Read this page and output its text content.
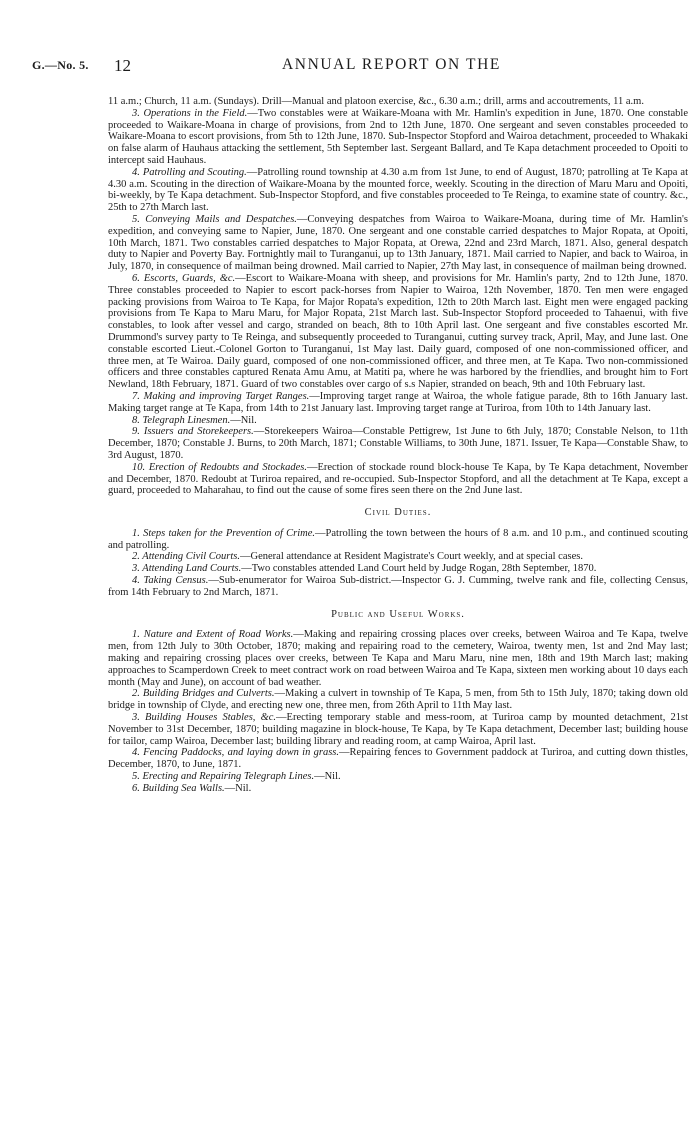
G.—No. 5. 12	ANNUAL REPORT ON THE

11 a.m.; Church, 11 a.m. (Sundays). Drill—Manual and platoon exercise, &c., 6.30 a.m.; drill, arms and accoutrements, 11 a.m.

3. Operations in the Field.—Two constables were at Waikare-Moana with Mr. Hamlin's expedition in June, 1870. One constable proceeded to Waikare-Moana in charge of provisions, from 2nd to 12th June, 1870. One sergeant and seven constables proceeded to Waikare-Moana to escort provisions, from 5th to 12th June, 1870. Sub-Inspector Stopford and Wairoa detachment, proceeded to Whakaki on false alarm of Hauhaus attacking the settlement, 5th September last. Sergeant Ballard, and Te Kapa detachment proceeded to Opoiti to intercept said Hauhaus.

4. Patrolling and Scouting.—Patrolling round township at 4.30 a.m from 1st June, to end of August, 1870; patrolling at Te Kapa at 4.30 a.m. Scouting in the direction of Waikare-Moana by the mounted force, weekly. Scouting in the direction of Maru Maru and Opoiti, bi-weekly, by Te Kapa detachment. Sub-Inspector Stopford, and five constables proceeded to Te Reinga, to examine state of country. &c., 25th to 27th March last.

5. Conveying Mails and Despatches.—Conveying despatches from Wairoa to Waikare-Moana, during time of Mr. Hamlin's expedition, and conveying same to Napier, June, 1870. One sergeant and one constable carried despatches to Major Ropata, at Opoiti, 10th March, 1871. Two constables carried despatches to Major Ropata, at Orewa, 22nd and 23rd March, 1871. Also, general despatch duty to Napier and Poverty Bay. Fortnightly mail to Turanganui, up to 13th January, 1871. Mail carried to Napier, and back to Wairoa, in July, 1870, in consequence of mailman being drowned. Mail carried to Napier, 27th May last, in consequence of mailman being drowned.

6. Escorts, Guards, &c.—Escort to Waikare-Moana with sheep, and provisions for Mr. Hamlin's party, 2nd to 12th June, 1870. Three constables proceeded to Napier to escort pack-horses from Napier to Wairoa, 12th November, 1870. Ten men were engaged packing provisions from Wairoa to Te Kapa, for Major Ropata's expedition, 12th to 20th March last. Eight men were engaged packing provisions from Te Kapa to Maru Maru, for Major Ropata, 21st March last. Sub-Inspector Stopford proceeded to Tahaenui, with five constables, to look after vessel and cargo, stranded on beach, 8th to 10th April last. One sergeant and five constables escorted Mr. Drummond's survey party to Te Reinga, and subsequently proceeded to Turanganui, cutting survey track, April, May, and June last. One constable escorted Lieut.-Colonel Gorton to Turanganui, 1st May last. Daily guard, composed of one non-commissioned officer, and three men, at Te Wairoa. Daily guard, composed of one non-commissioned officer, and three men, at Te Kapa. Two non-commissioned officers and three constables captured Renata Amu Amu, at Matiti pa, where he was harbored by the friendlies, and brought him to Fort Newland, 18th February, 1871. Guard of two constables over cargo of s.s Napier, stranded on beach, 9th and 10th February last.

7. Making and improving Target Ranges.—Improving target range at Wairoa, the whole fatigue parade, 8th to 16th January last. Making target range at Te Kapa, from 14th to 21st January last. Improving target range at Turiroa, from 10th to 14th January last.

8. Telegraph Linesmen.—Nil.

9. Issuers and Storekeepers.—Storekeepers Wairoa—Constable Pettigrew, 1st June to 6th July, 1870; Constable Nelson, to 11th December, 1870; Constable J. Burns, to 20th March, 1871; Constable Williams, to 30th June, 1871. Issuer, Te Kapa—Constable Shaw, to 3rd August, 1870.

10. Erection of Redoubts and Stockades.—Erection of stockade round block-house Te Kapa, by Te Kapa detachment, November and December, 1870. Redoubt at Turiroa repaired, and re-occupied. Sub-Inspector Stopford, and all the detachment at Te Kapa, except a guard, proceeded to Maharahau, to find out the cause of some fires seen there on the 2nd June last.

Civil Duties.

1. Steps taken for the Prevention of Crime.—Patrolling the town between the hours of 8 a.m. and 10 p.m., and continued scouting and patrolling.

2. Attending Civil Courts.—General attendance at Resident Magistrate's Court weekly, and at special cases.

3. Attending Land Courts.—Two constables attended Land Court held by Judge Rogan, 28th September, 1870.

4. Taking Census.—Sub-enumerator for Wairoa Sub-district.—Inspector G. J. Cumming, twelve rank and file, collecting Census, from 14th February to 2nd March, 1871.

Public and Useful Works.

1. Nature and Extent of Road Works.—Making and repairing crossing places over creeks, between Wairoa and Te Kapa, twelve men, from 12th July to 30th October, 1870; making and repairing road to the cemetery, Wairoa, twenty men, 1st and 2nd May last; making and repairing crossing places over creeks, between Te Kapa and Maru Maru, nine men, 18th and 19th March last; making approaches to Scamperdown Creek to meet contract work on road between Wairoa and Te Kapa, sixteen men working about 10 days each month (May and June), on account of bad weather.

2. Building Bridges and Culverts.—Making a culvert in township of Te Kapa, 5 men, from 5th to 15th July, 1870; taking down old bridge in township of Clyde, and erecting new one, three men, from 26th April to 11th May last.

3. Building Houses Stables, &c.—Erecting temporary stable and mess-room, at Turiroa camp by mounted detachment, 21st November to 31st December, 1870; building magazine in block-house, Te Kapa, by Te Kapa detachment, December last; building house for tailor, camp Wairoa, December last; building library and reading room, at camp Wairoa, April last.

4. Fencing Paddocks, and laying down in grass.—Repairing fences to Government paddock at Turiroa, and cutting down thistles, December, 1870, to June, 1871.

5. Erecting and Repairing Telegraph Lines.—Nil.

6. Building Sea Walls.—Nil.
